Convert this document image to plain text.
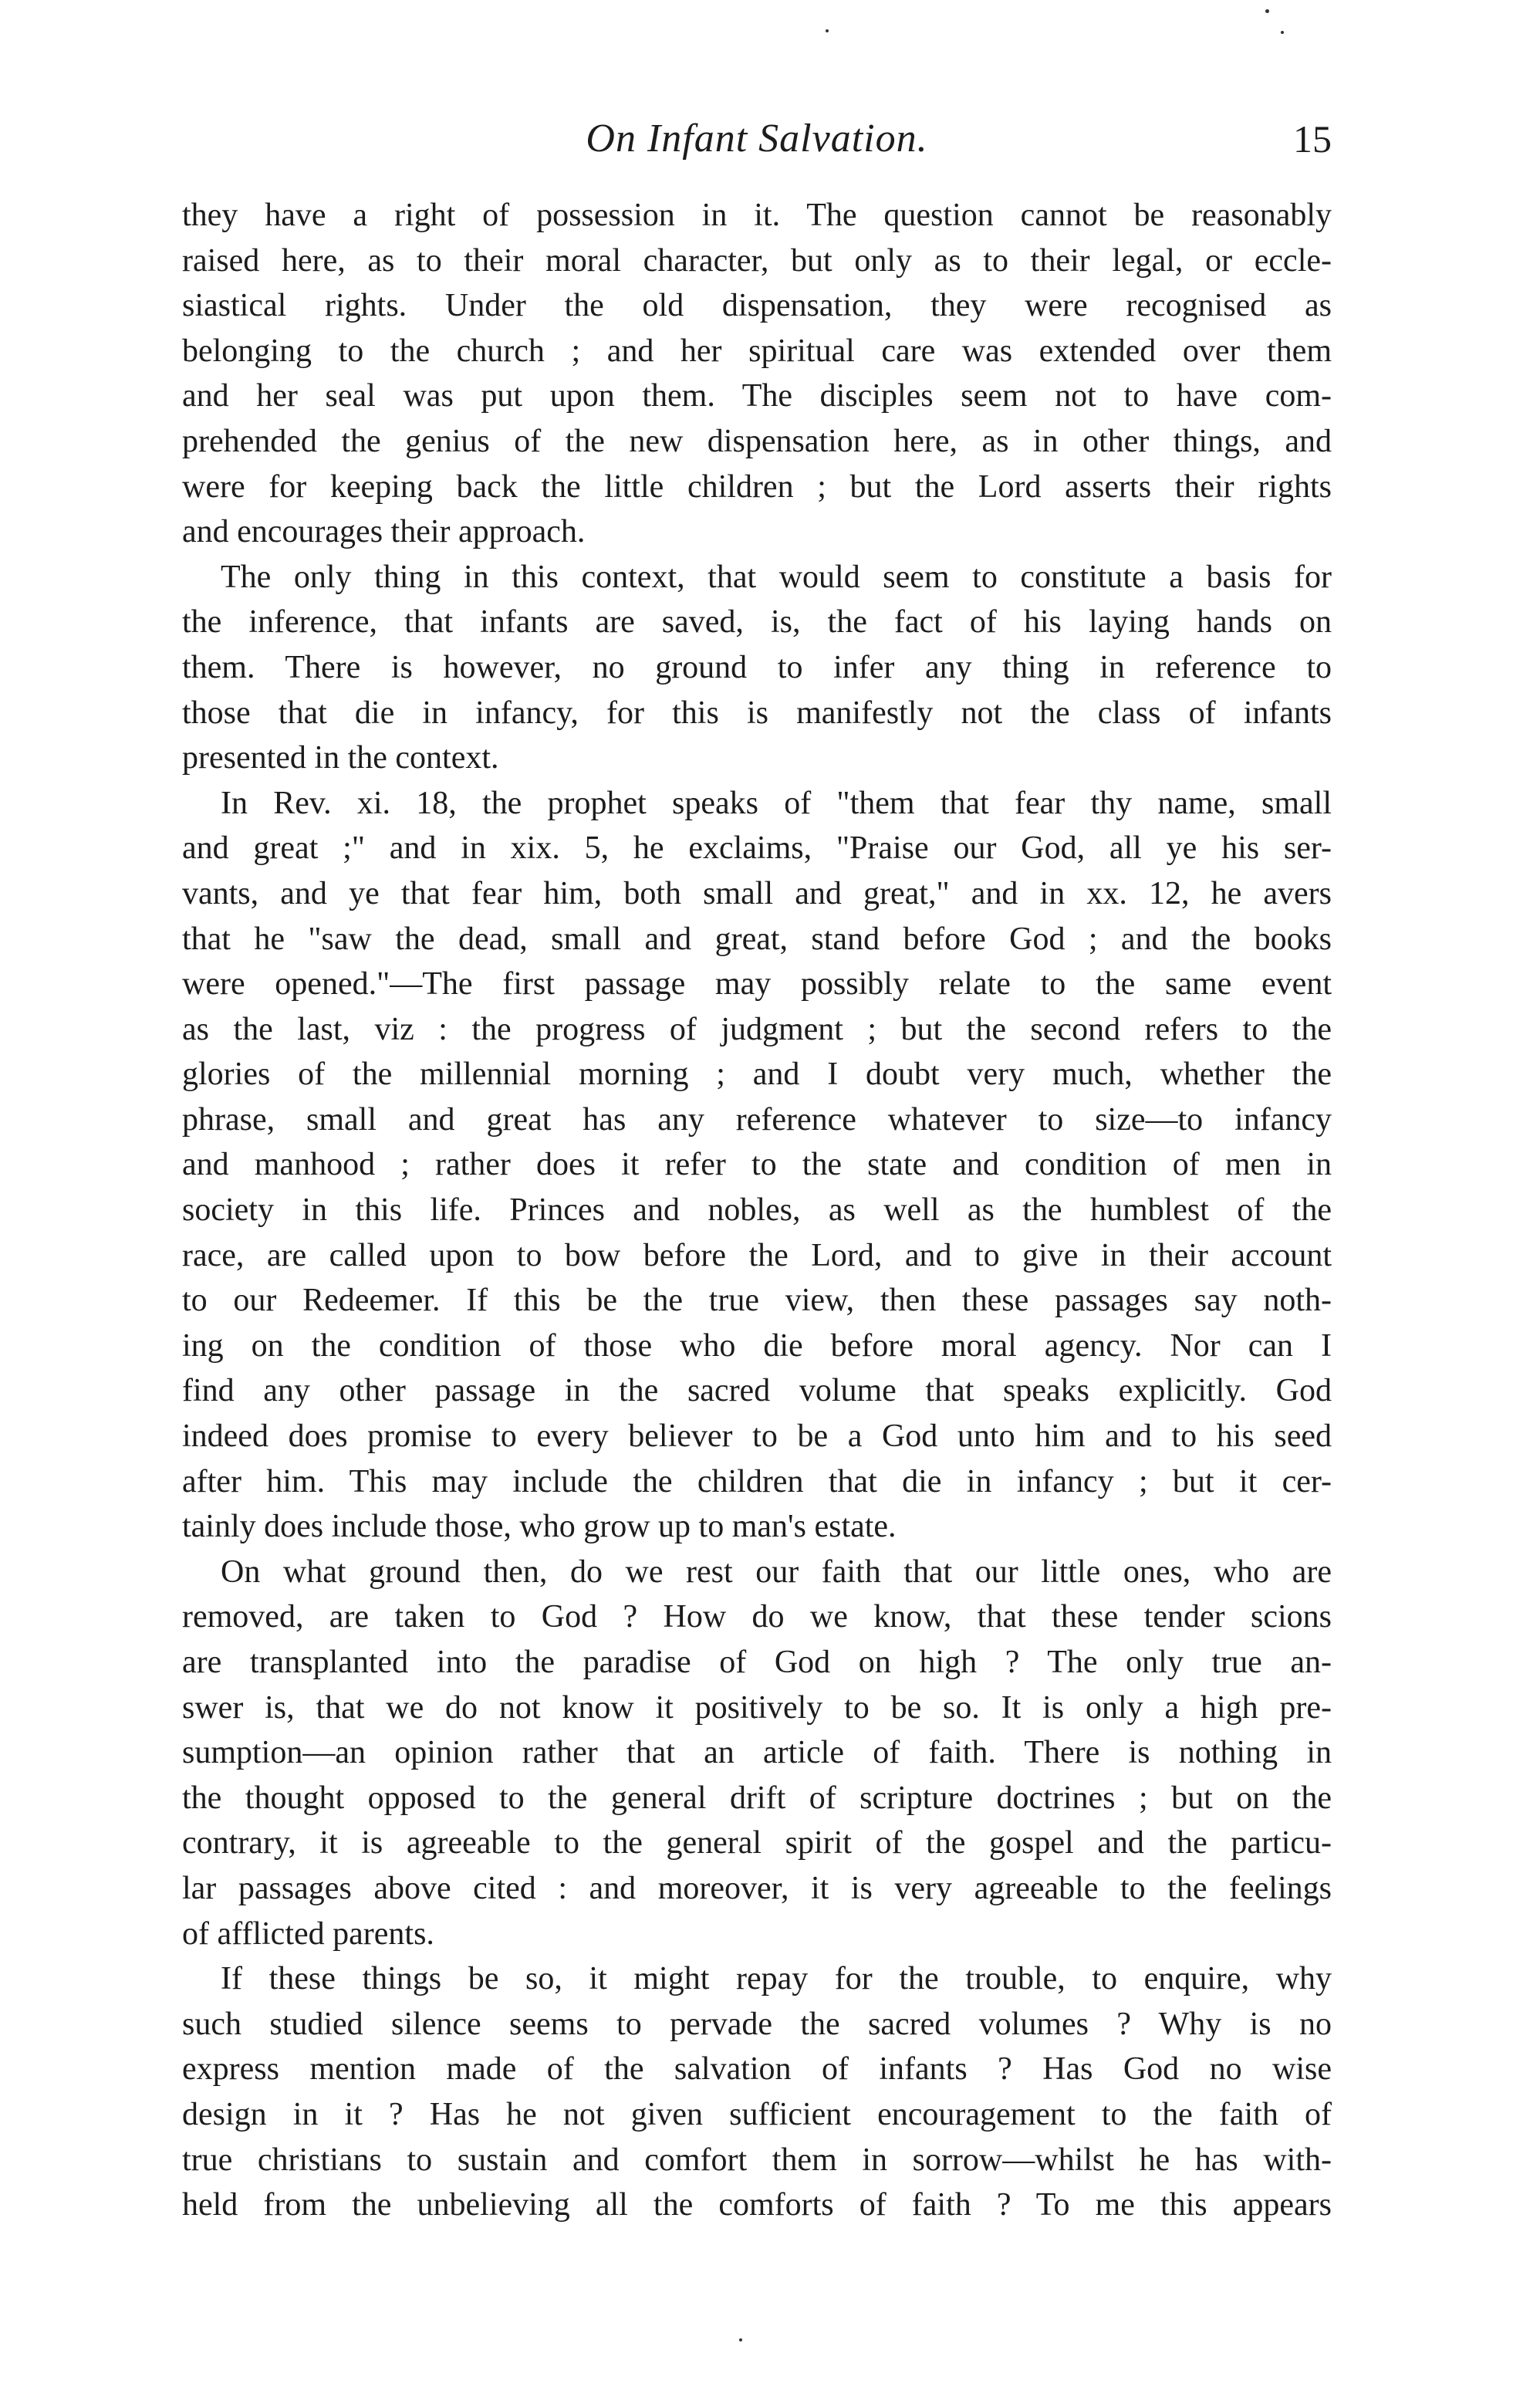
On Infant Salvation.	15
they have a right of possession in it. The question cannot be reasonably
raised here, as to their moral character, but only as to their legal, or eccle-
siastical rights. Under the old dispensation, they were recognised as
belonging to the church ; and her spiritual care was extended over them
and her seal was put upon them. The disciples seem not to have com-
prehended the genius of the new dispensation here, as in other things, and
were for keeping back the little children ; but the Lord asserts their rights
and encourages their approach.
The only thing in this context, that would seem to constitute a basis for
the inference, that infants are saved, is, the fact of his laying hands on
them. There is however, no ground to infer any thing in reference to
those that die in infancy, for this is manifestly not the class of infants
presented in the context.
In Rev. xi. 18, the prophet speaks of "them that fear thy name, small
and great ;" and in xix. 5, he exclaims, "Praise our God, all ye his ser-
vants, and ye that fear him, both small and great," and in xx. 12, he avers
that he "saw the dead, small and great, stand before God ; and the books
were opened."—The first passage may possibly relate to the same event
as the last, viz : the progress of judgment ; but the second refers to the
glories of the millennial morning ; and I doubt very much, whether the
phrase, small and great has any reference whatever to size—to infancy
and manhood ; rather does it refer to the state and condition of men in
society in this life. Princes and nobles, as well as the humblest of the
race, are called upon to bow before the Lord, and to give in their account
to our Redeemer. If this be the true view, then these passages say noth-
ing on the condition of those who die before moral agency. Nor can I
find any other passage in the sacred volume that speaks explicitly. God
indeed does promise to every believer to be a God unto him and to his seed
after him. This may include the children that die in infancy ; but it cer-
tainly does include those, who grow up to man's estate.
On what ground then, do we rest our faith that our little ones, who are
removed, are taken to God ? How do we know, that these tender scions
are transplanted into the paradise of God on high ? The only true an-
swer is, that we do not know it positively to be so. It is only a high pre-
sumption—an opinion rather that an article of faith. There is nothing in
the thought opposed to the general drift of scripture doctrines ; but on the
contrary, it is agreeable to the general spirit of the gospel and the particu-
lar passages above cited : and moreover, it is very agreeable to the feelings
of afflicted parents.
If these things be so, it might repay for the trouble, to enquire, why
such studied silence seems to pervade the sacred volumes ? Why is no
express mention made of the salvation of infants ? Has God no wise
design in it ? Has he not given sufficient encouragement to the faith of
true christians to sustain and comfort them in sorrow—whilst he has with-
held from the unbelieving all the comforts of faith ? To me this appears
